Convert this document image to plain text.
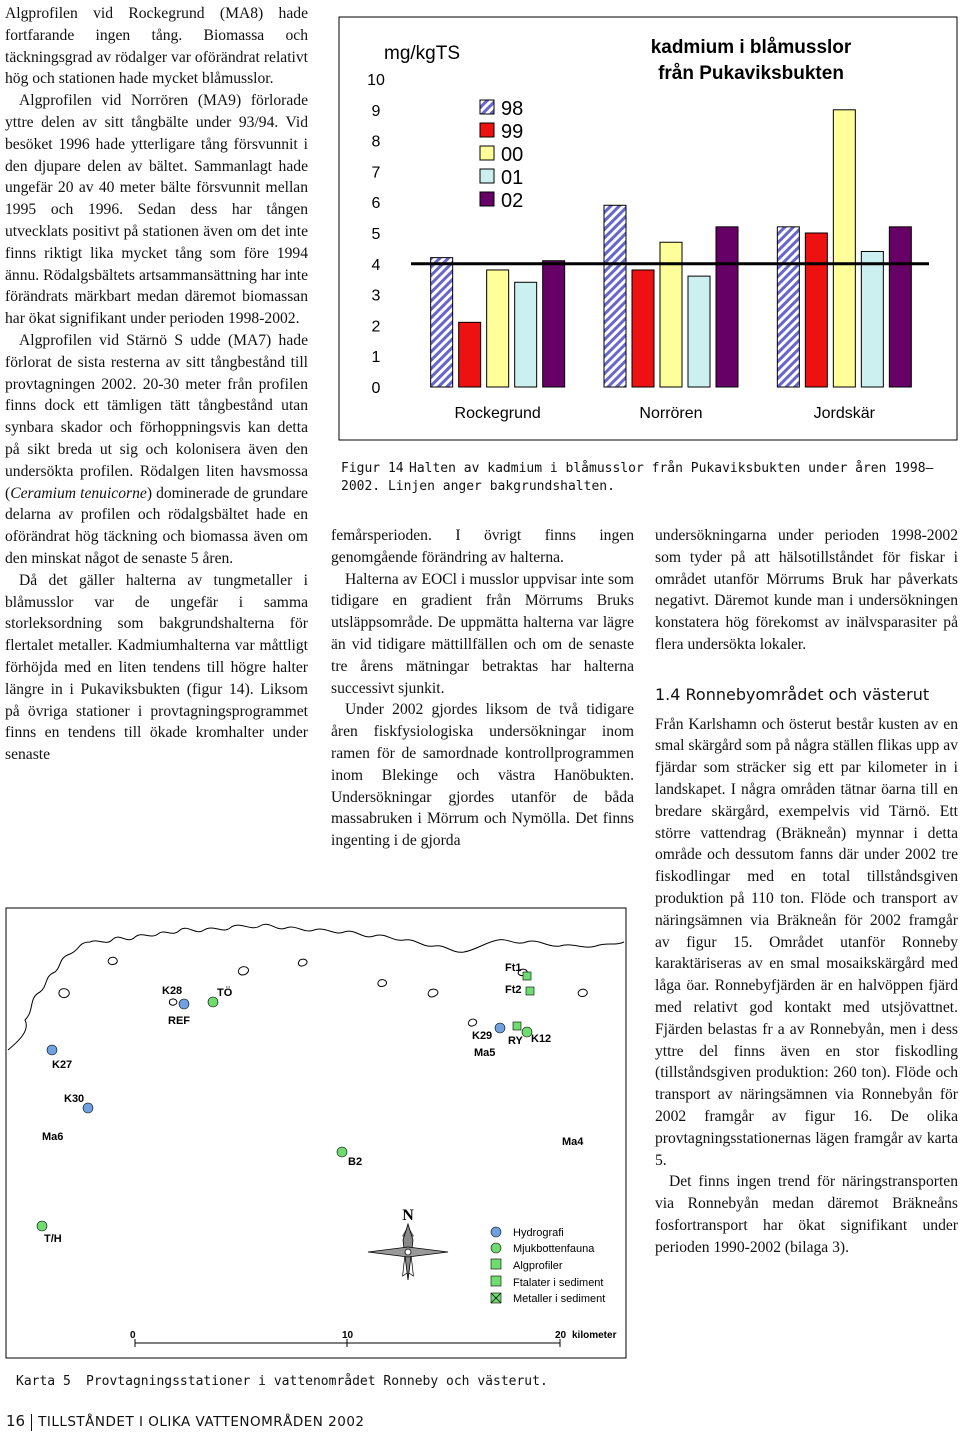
Algprofilen vid Rockegrund (MA8) hade fortfarande ingen tång. Biomassa och täckningsgrad av rödalger var oförändrat relativt hög och stationen hade mycket blåmusslor.

Algprofilen vid Norrören (MA9) förlorade yttre delen av sitt tångbälte under 93/94. Vid besöket 1996 hade ytterligare tång försvunnit i den djupare delen av bältet. Sammanlagt hade ungefär 20 av 40 meter bälte försvunnit mellan 1995 och 1996. Sedan dess har tången utvecklats positivt på stationen även om det inte finns riktigt lika mycket tång som före 1994 ännu. Rödalgsbältets artsammansättning har inte förändrats märkbart medan däremot biomassan har ökat signifikant under perioden 1998-2002.

Algprofilen vid Stärnö S udde (MA7) hade förlorat de sista resterna av sitt tångbestånd till provtagningen 2002. 20-30 meter från profilen finns dock ett tämligen tätt tångbestånd utan synbara skador och förhoppningsvis kan detta på sikt breda ut sig och kolonisera även den undersökta profilen. Rödalgen liten havsmossa (Ceramium tenuicorne) dominerade de grundare delarna av profilen och rödalgsbältet hade en oförändrat hög täckning och biomassa även om den minskat något de senaste 5 åren.

Då det gäller halterna av tungmetaller i blåmusslor var de ungefär i samma storleksordning som bakgrundshalterna för flertalet metaller. Kadmiumhalterna var måttligt förhöjda med en liten tendens till högre halter längre in i Pukaviksbukten (figur 14). Liksom på övriga stationer i provtagningsprogrammet finns en tendens till ökade kromhalter under senaste

0
1
2
3
4
5
6
7
8
9
10
Rockegrund	Norrören	Jordskär
98
99
00
01
02
mg/kgTS	kadmium i blåmusslor
från Pukaviksbukten
Figur 14 Halten av kadmium i blåmusslor från Pukaviksbukten under åren 1998–2002. Linjen anger bakgrundshalten.

femårsperioden. I övrigt finns ingen genomgående förändring av halterna.

Halterna av EOCl i musslor uppvisar inte som tidigare en gradient från Mörrums Bruks utsläppsområde. De uppmätta halterna var lägre än vid tidigare mättillfällen och om de senaste tre årens mätningar betraktas har halterna successivt sjunkit.

Under 2002 gjordes liksom de två tidigare åren fiskfysiologiska undersökningar inom ramen för de samordnade kontrollprogrammen inom Blekinge och västra Hanöbukten. Undersökningar gjordes utanför de båda massabruken i Mörrum och Nymölla. Det finns ingenting i de gjorda

undersökningarna under perioden 1998-2002 som tyder på att hälsotillståndet för fiskar i området utanför Mörrums Bruk har påverkats negativt. Däremot kunde man i undersökningen konstatera hög förekomst av inälvsparasiter på flera undersökta lokaler.

1.4 Ronnebyområdet och västerut

Från Karlshamn och österut består kusten av en smal skärgård som på några ställen flikas upp av fjärdar som sträcker sig ett par kilometer in i landskapet. I några områden tätnar öarna till en bredare skärgård, exempelvis vid Tärnö. Ett större vattendrag (Bräkneån) mynnar i detta område och dessutom fanns där under 2002 tre fiskodlingar med en total tillståndsgiven produktion på 110 ton. Flöde och transport av näringsämnen via Bräkneån för 2002 framgår av figur 15. Området utanför Ronneby karaktäriseras av en smal mosaikskärgård med låga öar. Ronnebyfjärden är en halvöppen fjärd med relativt god kontakt med utsjövattnet. Fjärden belastas fr a av Ronnebyån, men i dess yttre del finns även en stor fiskodling (tillståndsgiven produktion: 260 ton). Flöde och transport av näringsämnen via Ronnebyån för 2002 framgår av figur 16. De olika provtagningsstationernas lägen framgår av karta 5.

Det finns ingen trend för näringstransporten via Ronnebyån medan däremot Bräkneåns fosfortransport har ökat signifikant under perioden 1990-2002 (bilaga 3).

K27
K30
Ma6
K28
REF
TÖ
B2
T/H
Ft1
Ft2
K29
Ma5
RY K12
Ma4
N
Hydrografi
Mjukbottenfauna
Algprofiler
Ftalater i sediment
Metaller i sediment
0	10	20 kilometer
Karta 5 Provtagningsstationer i vattenområdet Ronneby och västerut.
16 TILLSTÅNDET I OLIKA VATTENOMRÅDEN 2002
